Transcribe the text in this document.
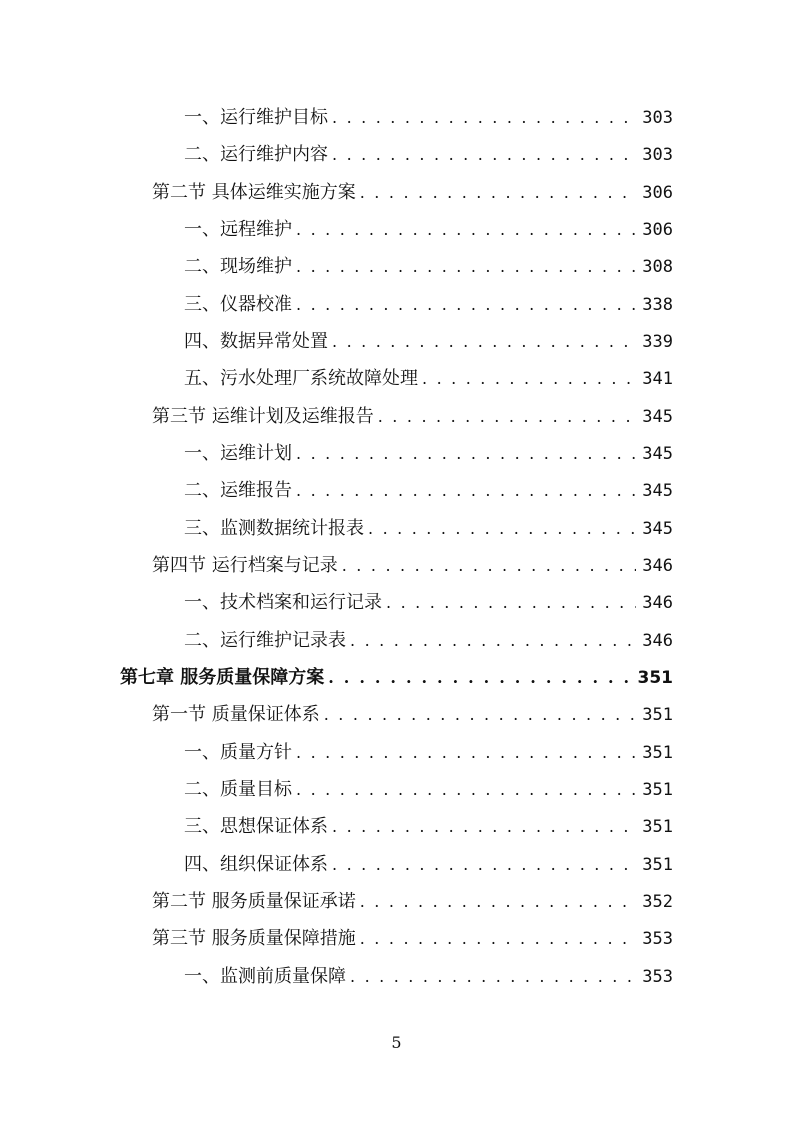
一、运行维护目标 . . .	303
二、运行维护内容 . . .	303
第二节 具体运维实施方案 . . .	306
一、远程维护 . . .	306
二、现场维护 . . .	308
三、仪器校准 . . .	338
四、数据异常处置 . . .	339
五、污水处理厂系统故障处理 . . .	341
第三节 运维计划及运维报告 . . .	345
一、运维计划 . . .	345
二、运维报告 . . .	345
三、监测数据统计报表 . . .	345
第四节 运行档案与记录 . . .	346
一、技术档案和运行记录 . . .	346
二、运行维护记录表 . . .	346
第七章 服务质量保障方案 . . .	351
第一节 质量保证体系 . . .	351
一、质量方针 . . .	351
二、质量目标 . . .	351
三、思想保证体系 . . .	351
四、组织保证体系 . . .	351
第二节 服务质量保证承诺 . . .	352
第三节 服务质量保障措施 . . .	353
一、监测前质量保障 . . .	353
5
